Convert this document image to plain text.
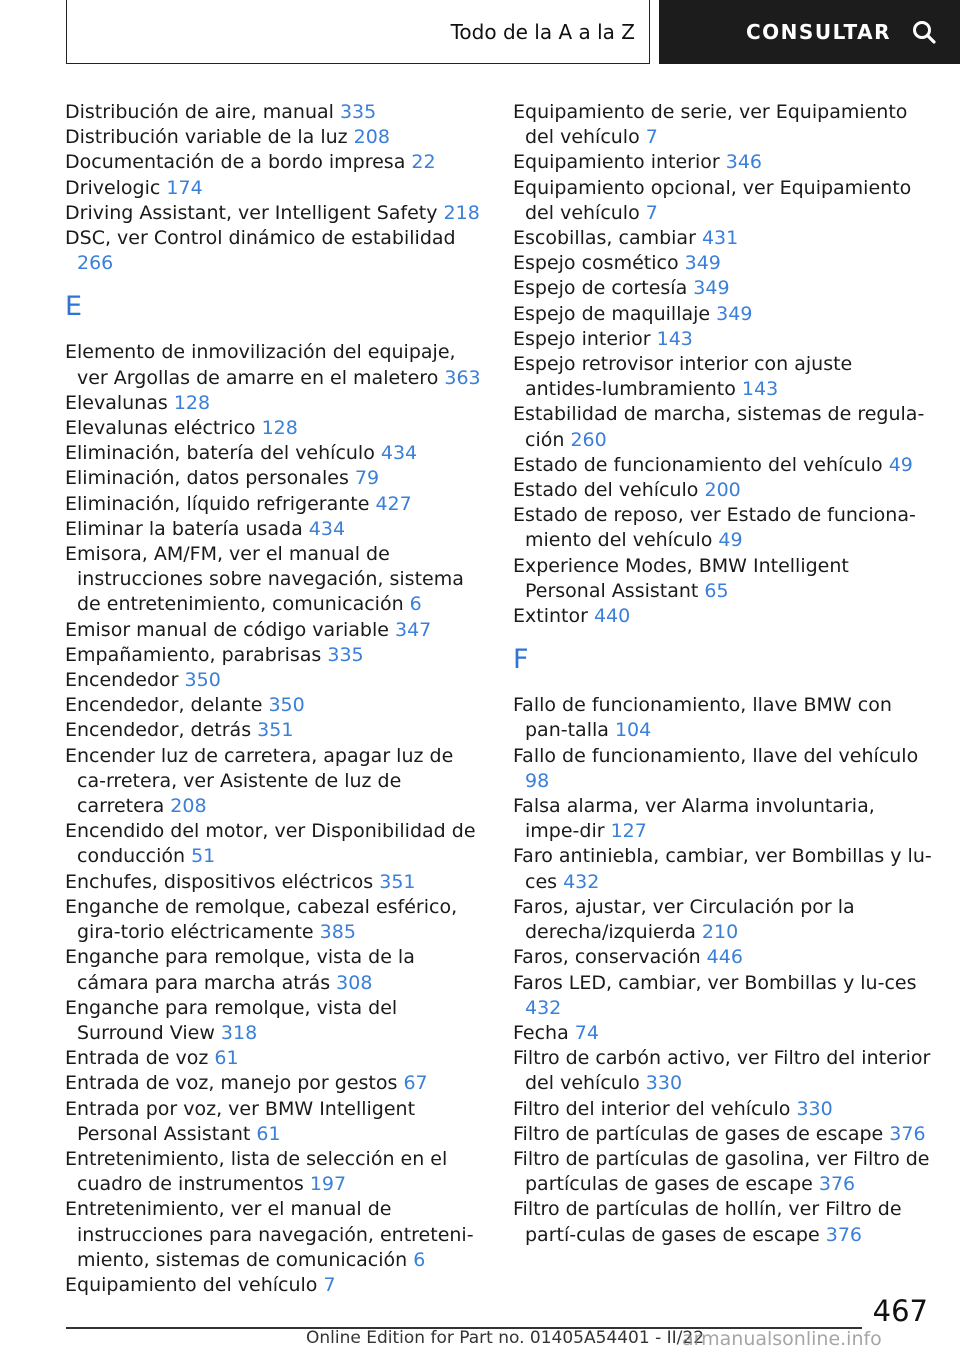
Todo de la A a la Z	CONSULTAR
Distribución de aire, manual 335
Distribución variable de la luz 208
Documentación de a bordo impresa 22
Drivelogic 174
Driving Assistant, ver Intelligent Safety 218
DSC, ver Control dinámico de estabilidad 266
E
Elemento de inmovilización del equipaje, ver Argollas de amarre en el maletero 363
Elevalunas 128
Elevalunas eléctrico 128
Eliminación, batería del vehículo 434
Eliminación, datos personales 79
Eliminación, líquido refrigerante 427
Eliminar la batería usada 434
Emisora, AM/FM, ver el manual de instrucciones sobre navegación, sistema de entretenimiento, comunicación 6
Emisor manual de código variable 347
Empañamiento, parabrisas 335
Encendedor 350
Encendedor, delante 350
Encendedor, detrás 351
Encender luz de carretera, apagar luz de ca-rretera, ver Asistente de luz de carretera 208
Encendido del motor, ver Disponibilidad de conducción 51
Enchufes, dispositivos eléctricos 351
Enganche de remolque, cabezal esférico, gira-torio eléctricamente 385
Enganche para remolque, vista de la cámara para marcha atrás 308
Enganche para remolque, vista del Surround View 318
Entrada de voz 61
Entrada de voz, manejo por gestos 67
Entrada por voz, ver BMW Intelligent Personal Assistant 61
Entretenimiento, lista de selección en el cuadro de instrumentos 197
Entretenimiento, ver el manual de instrucciones para navegación, entreteni-miento, sistemas de comunicación 6
Equipamiento del vehículo 7
Equipamiento de serie, ver Equipamiento del vehículo 7
Equipamiento interior 346
Equipamiento opcional, ver Equipamiento del vehículo 7
Escobillas, cambiar 431
Espejo cosmético 349
Espejo de cortesía 349
Espejo de maquillaje 349
Espejo interior 143
Espejo retrovisor interior con ajuste antides-lumbramiento 143
Estabilidad de marcha, sistemas de regula-ción 260
Estado de funcionamiento del vehículo 49
Estado del vehículo 200
Estado de reposo, ver Estado de funciona-miento del vehículo 49
Experience Modes, BMW Intelligent Personal Assistant 65
Extintor 440
F
Fallo de funcionamiento, llave BMW con pan-talla 104
Fallo de funcionamiento, llave del vehículo 98
Falsa alarma, ver Alarma involuntaria, impe-dir 127
Faro antiniebla, cambiar, ver Bombillas y lu-ces 432
Faros, ajustar, ver Circulación por la derecha/izquierda 210
Faros, conservación 446
Faros LED, cambiar, ver Bombillas y lu-ces 432
Fecha 74
Filtro de carbón activo, ver Filtro del interior del vehículo 330
Filtro del interior del vehículo 330
Filtro de partículas de gases de escape 376
Filtro de partículas de gasolina, ver Filtro de partículas de gases de escape 376
Filtro de partículas de hollín, ver Filtro de partí-culas de gases de escape 376
467
Online Edition for Part no. 01405A54401 - II/22
armanualsonline.info
